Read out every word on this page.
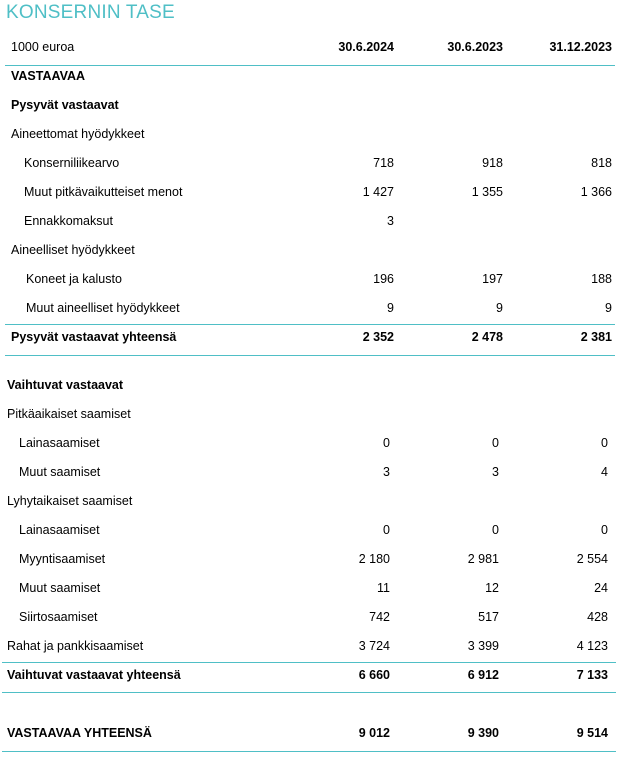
KONSERNIN TASE
1000 euroa	30.6.2024	30.6.2023	31.12.2023
VASTAAVAA
Pysyvät vastaavat
Aineettomat hyödykkeet
Konserniliikearvo	718	918	818
Muut pitkävaikutteiset menot	1 427	1 355	1 366
Ennakkomaksut	3
Aineelliset hyödykkeet
Koneet ja kalusto	196	197	188
Muut aineelliset hyödykkeet	9	9	9
Pysyvät vastaavat yhteensä	2 352	2 478	2 381
Vaihtuvat vastaavat
Pitkäaikaiset saamiset
Lainasaamiset	0	0	0
Muut saamiset	3	3	4
Lyhytaikaiset saamiset
Lainasaamiset	0	0	0
Myyntisaamiset	2 180	2 981	2 554
Muut saamiset	11	12	24
Siirtosaamiset	742	517	428
Rahat ja pankkisaamiset	3 724	3 399	4 123
Vaihtuvat vastaavat yhteensä	6 660	6 912	7 133
VASTAAVAA YHTEENSÄ	9 012	9 390	9 514
